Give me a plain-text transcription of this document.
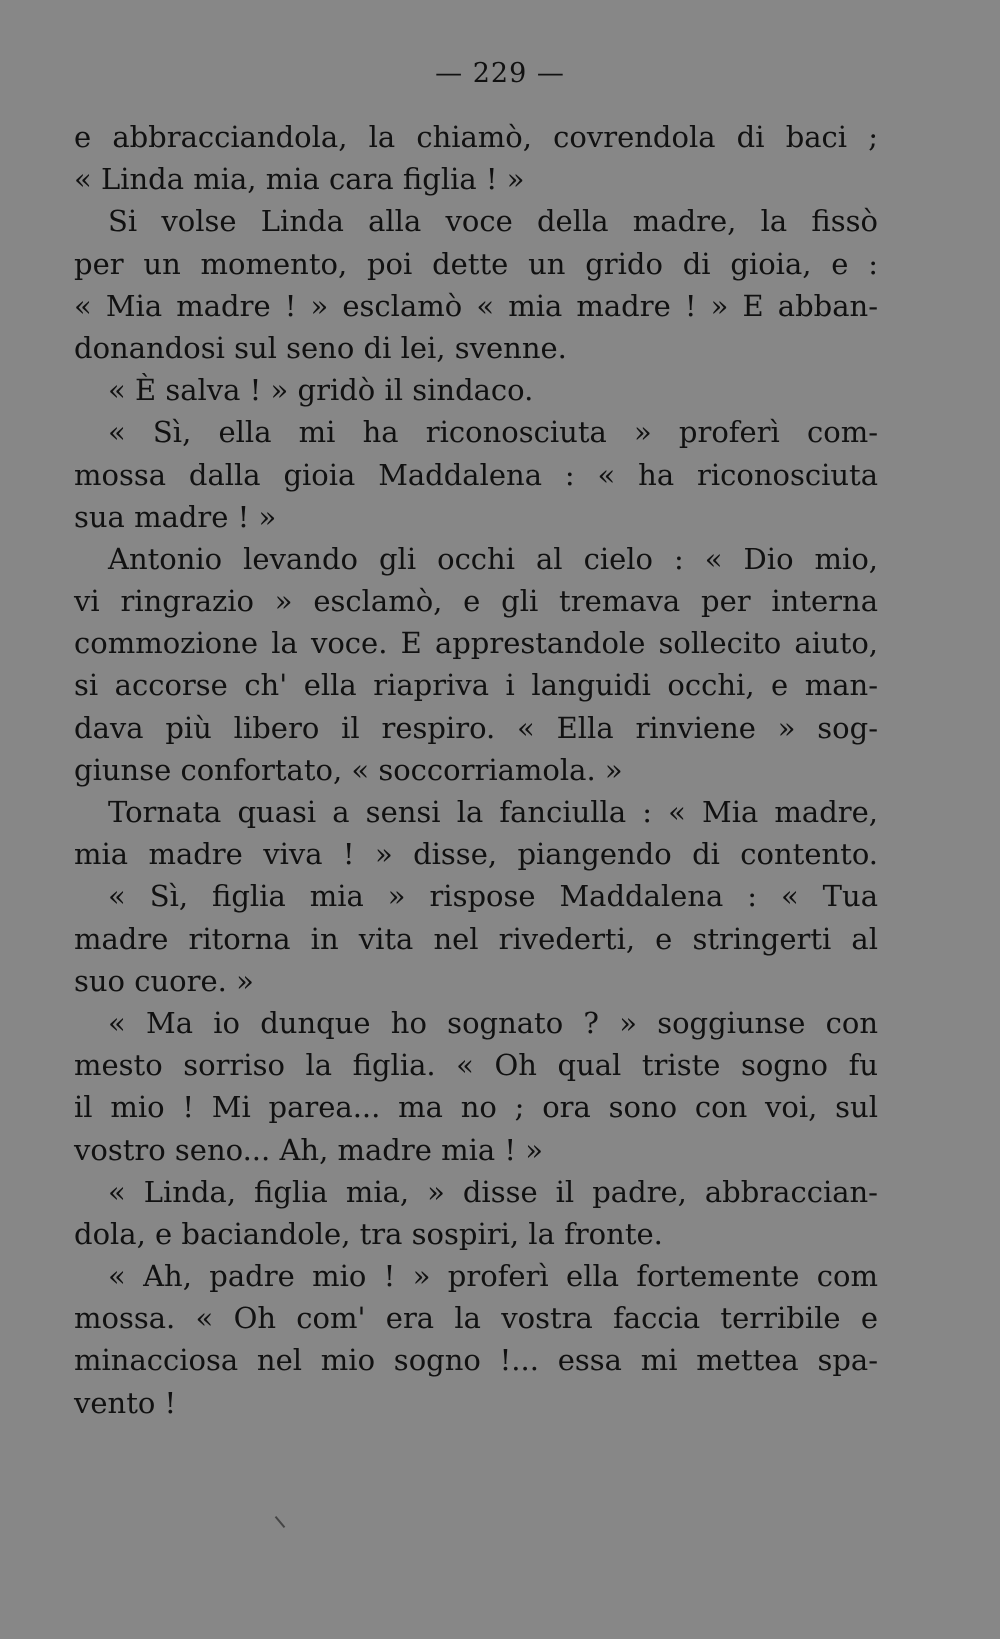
— 229 —
e abbracciandola, la chiamò, covrendola di baci ;
« Linda mia, mia cara figlia ! »
Si volse Linda alla voce della madre, la fissò
per un momento, poi dette un grido di gioia, e :
« Mia madre ! » esclamò « mia madre ! » E abban-
donandosi sul seno di lei, svenne.
« È salva ! » gridò il sindaco.
« Sì, ella mi ha riconosciuta » proferì com-
mossa dalla gioia Maddalena : « ha riconosciuta
sua madre ! »
Antonio levando gli occhi al cielo : « Dio mio,
vi ringrazio » esclamò, e gli tremava per interna
commozione la voce. E apprestandole sollecito aiuto,
si accorse ch' ella riapriva i languidi occhi, e man-
dava più libero il respiro. « Ella rinviene » sog-
giunse confortato, « soccorriamola. »
Tornata quasi a sensi la fanciulla : « Mia madre,
mia madre viva ! » disse, piangendo di contento.
« Sì, figlia mia » rispose Maddalena : « Tua
madre ritorna in vita nel rivederti, e stringerti al
suo cuore. »
« Ma io dunque ho sognato ? » soggiunse con
mesto sorriso la figlia. « Oh qual triste sogno fu
il mio ! Mi parea... ma no ; ora sono con voi, sul
vostro seno... Ah, madre mia ! »
« Linda, figlia mia, » disse il padre, abbraccian-
dola, e baciandole, tra sospiri, la fronte.
« Ah, padre mio ! » proferì ella fortemente com
mossa. « Oh com' era la vostra faccia terribile e
minacciosa nel mio sogno !... essa mi mettea spa-
vento !
